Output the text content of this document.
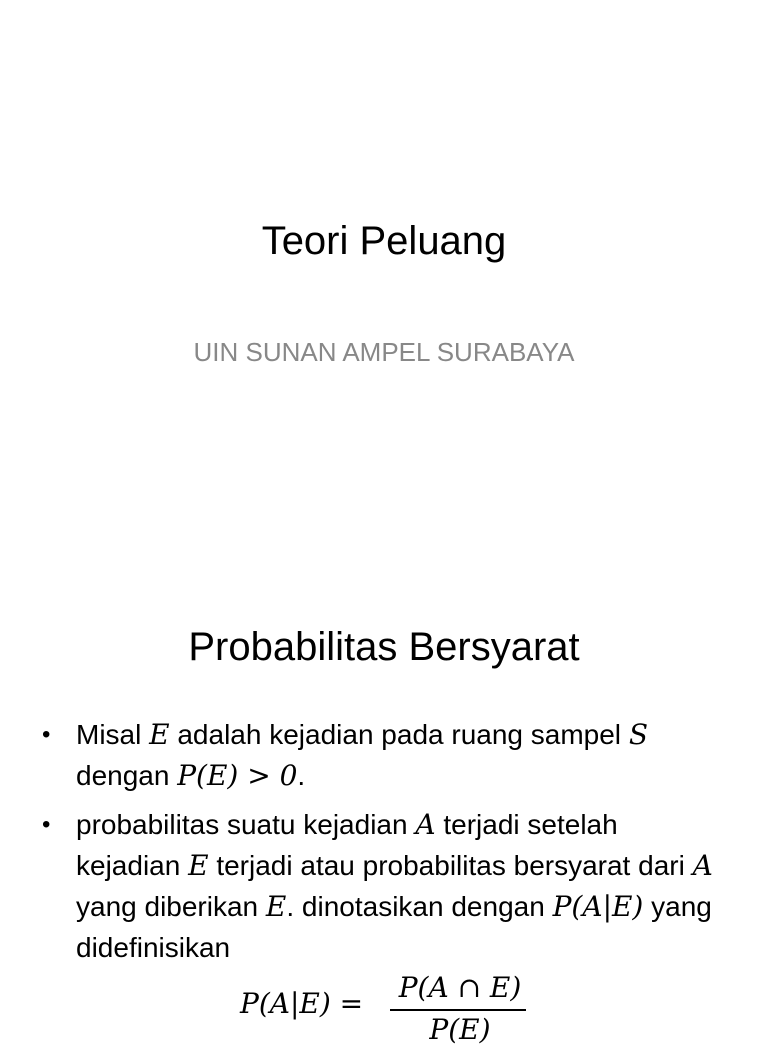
Teori Peluang
UIN SUNAN AMPEL SURABAYA
Probabilitas Bersyarat
• Misal E adalah kejadian pada ruang sampel S
dengan P(E) > 0.
• probabilitas suatu kejadian A terjadi setelah kejadian E terjadi atau probabilitas bersyarat dari A yang diberikan E. dinotasikan dengan P(A|E) yang didefinisikan
P(A|E) =	P(A ∩ E)
P(E)
